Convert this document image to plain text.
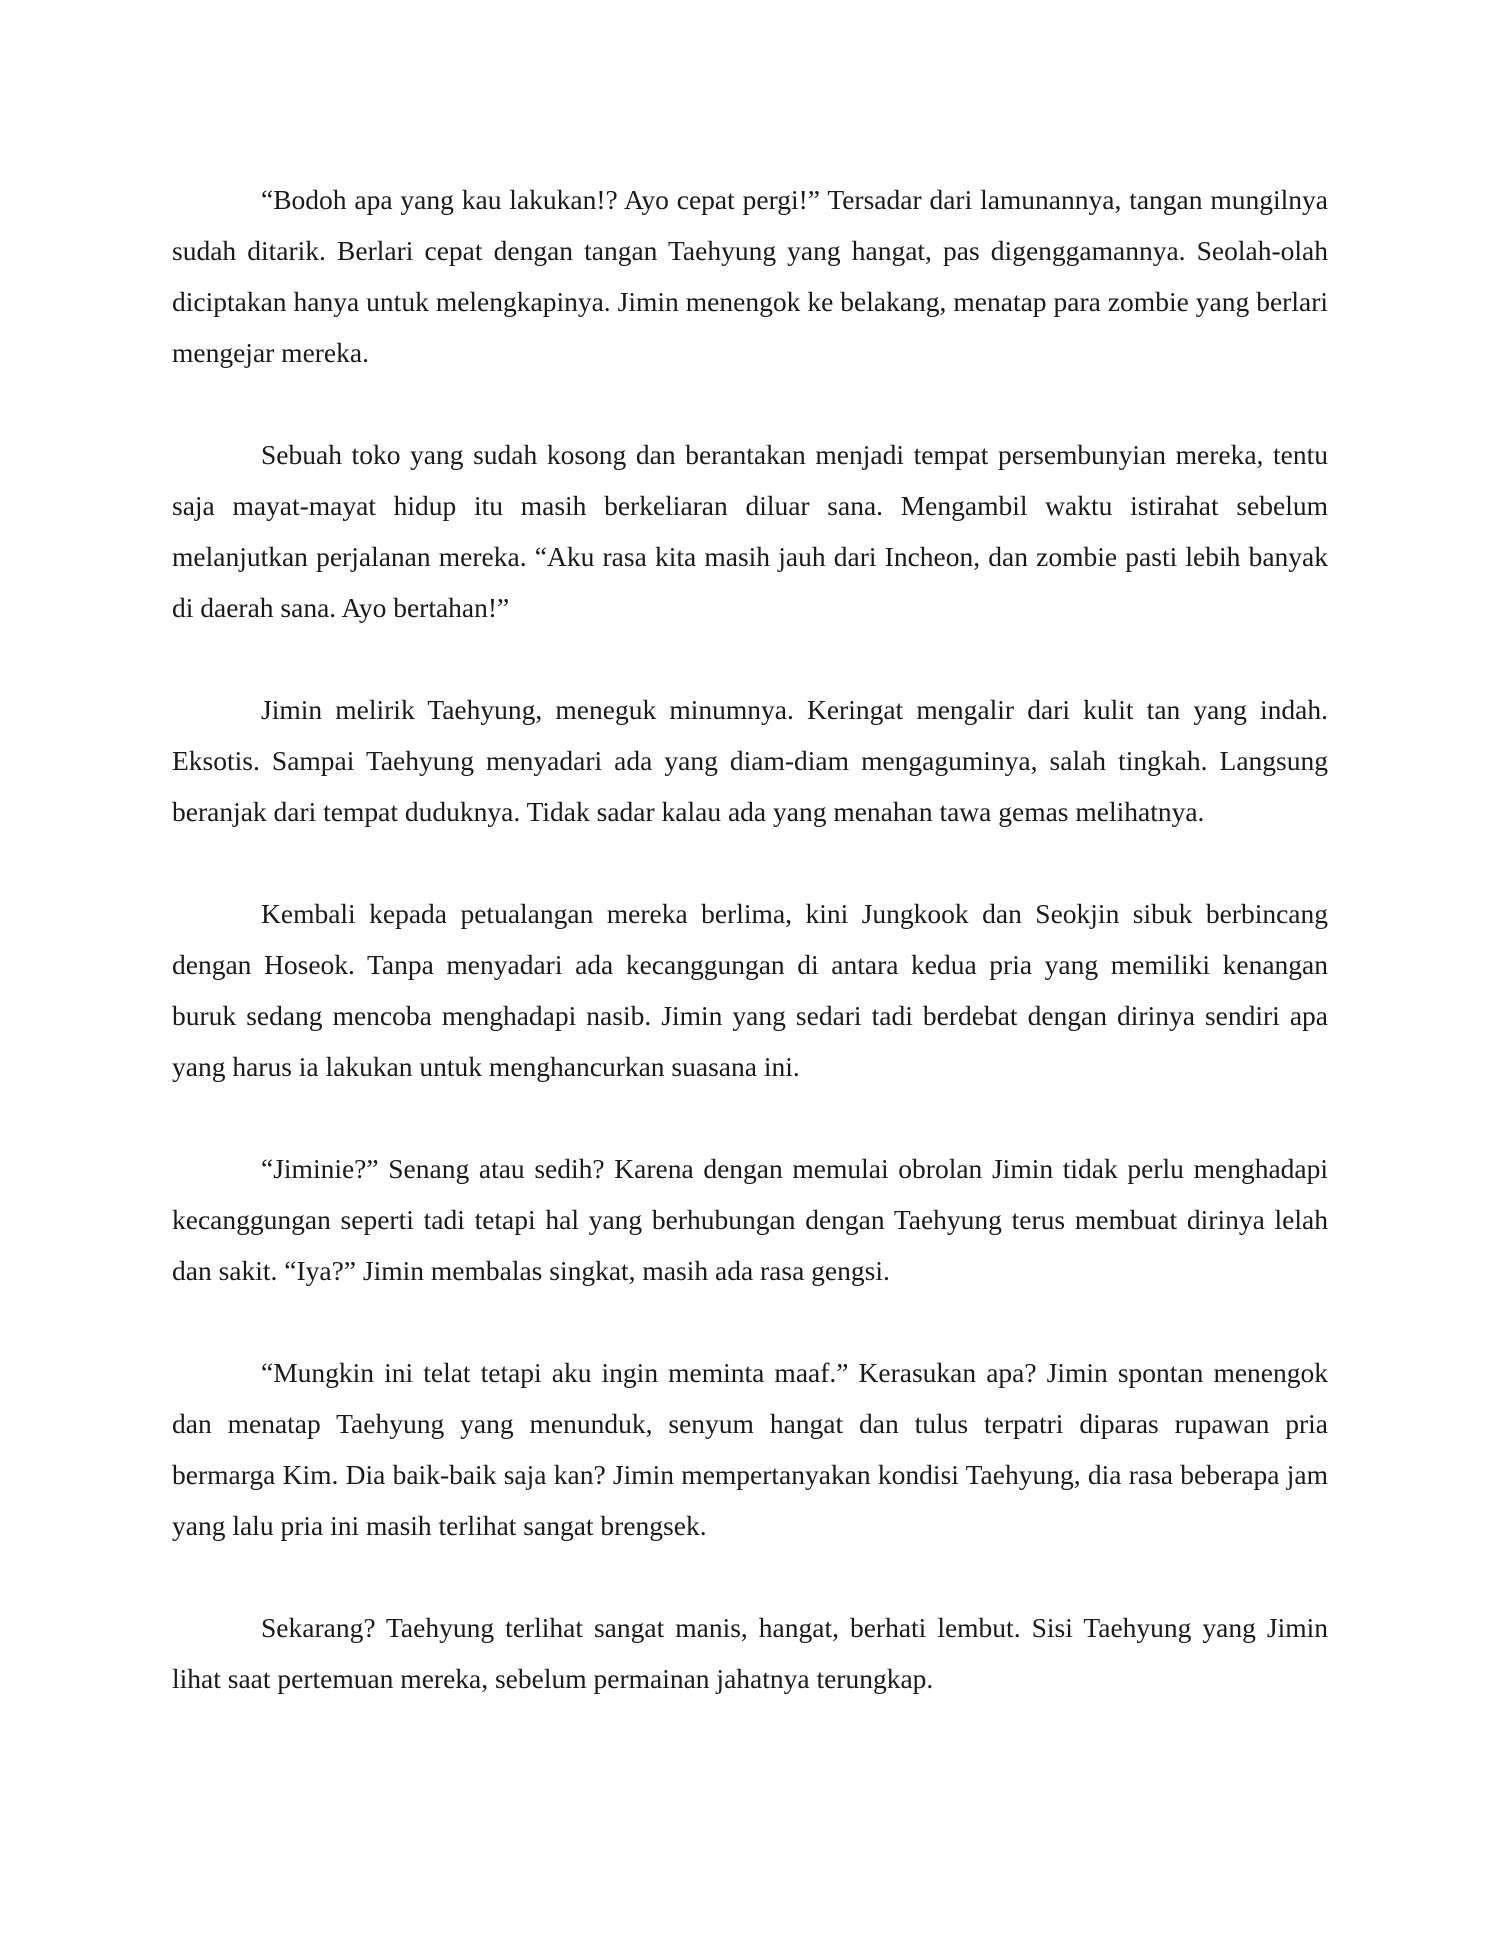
“Bodoh apa yang kau lakukan!? Ayo cepat pergi!” Tersadar dari lamunannya, tangan mungilnya sudah ditarik. Berlari cepat dengan tangan Taehyung yang hangat, pas digenggamannya. Seolah-olah diciptakan hanya untuk melengkapinya. Jimin menengok ke belakang, menatap para zombie yang berlari mengejar mereka.

Sebuah toko yang sudah kosong dan berantakan menjadi tempat persembunyian mereka, tentu saja mayat-mayat hidup itu masih berkeliaran diluar sana. Mengambil waktu istirahat sebelum melanjutkan perjalanan mereka. “Aku rasa kita masih jauh dari Incheon, dan zombie pasti lebih banyak di daerah sana. Ayo bertahan!”

Jimin melirik Taehyung, meneguk minumnya. Keringat mengalir dari kulit tan yang indah. Eksotis. Sampai Taehyung menyadari ada yang diam-diam mengaguminya, salah tingkah. Langsung beranjak dari tempat duduknya. Tidak sadar kalau ada yang menahan tawa gemas melihatnya.

Kembali kepada petualangan mereka berlima, kini Jungkook dan Seokjin sibuk berbincang dengan Hoseok. Tanpa menyadari ada kecanggungan di antara kedua pria yang memiliki kenangan buruk sedang mencoba menghadapi nasib. Jimin yang sedari tadi berdebat dengan dirinya sendiri apa yang harus ia lakukan untuk menghancurkan suasana ini.

“Jiminie?” Senang atau sedih? Karena dengan memulai obrolan Jimin tidak perlu menghadapi kecanggungan seperti tadi tetapi hal yang berhubungan dengan Taehyung terus membuat dirinya lelah dan sakit. “Iya?” Jimin membalas singkat, masih ada rasa gengsi.

“Mungkin ini telat tetapi aku ingin meminta maaf.” Kerasukan apa? Jimin spontan menengok dan menatap Taehyung yang menunduk, senyum hangat dan tulus terpatri diparas rupawan pria bermarga Kim. Dia baik-baik saja kan? Jimin mempertanyakan kondisi Taehyung, dia rasa beberapa jam yang lalu pria ini masih terlihat sangat brengsek.

Sekarang? Taehyung terlihat sangat manis, hangat, berhati lembut. Sisi Taehyung yang Jimin lihat saat pertemuan mereka, sebelum permainan jahatnya terungkap.
